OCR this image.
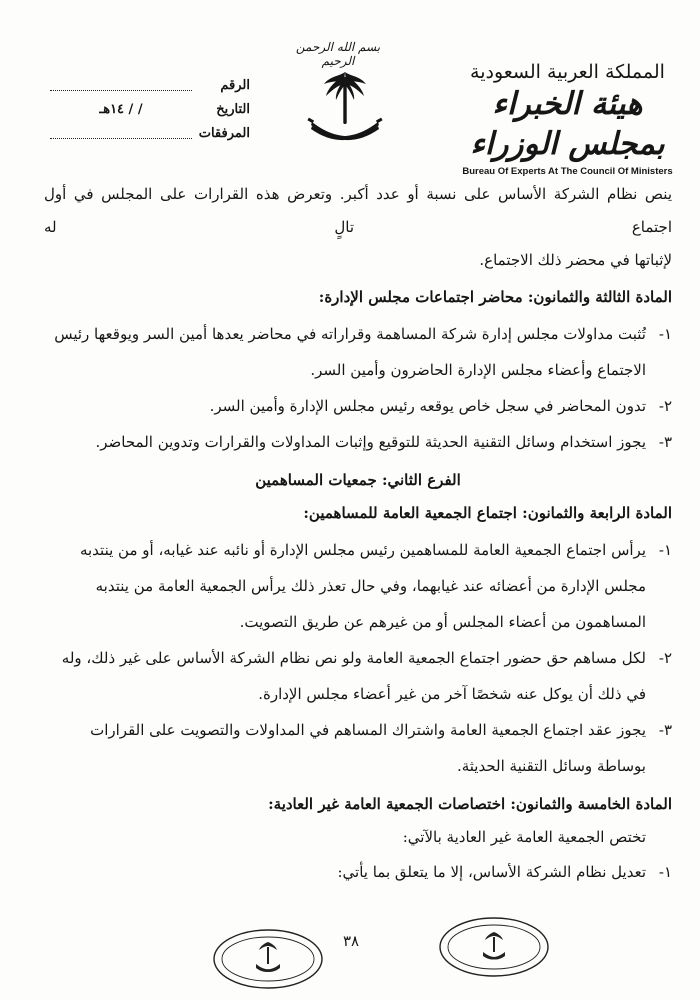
بسم الله الرحمن الرحيم	المملكة العربية السعودية
هيئة الخبراء بمجلس الوزراء
Bureau Of Experts At The Council Of Ministers
الرقم
التاريخ
/ / ١٤هـ
المرفقات

ينص نظام الشركة الأساس على نسبة أو عدد أكبر. وتعرض هذه القرارات على المجلس في أول اجتماع تالٍ له

لإثباتها في محضر ذلك الاجتماع.

المادة الثالثة والثمانون: محاضر اجتماعات مجلس الإدارة:

١-
تُثبت مداولات مجلس إدارة شركة المساهمة وقراراته في محاضر يعدها أمين السر ويوقعها رئيس الاجتماع وأعضاء مجلس الإدارة الحاضرون وأمين السر.
٢-
تدون المحاضر في سجل خاص يوقعه رئيس مجلس الإدارة وأمين السر.
٣-
يجوز استخدام وسائل التقنية الحديثة للتوقيع وإثبات المداولات والقرارات وتدوين المحاضر.

الفرع الثاني: جمعيات المساهمين

المادة الرابعة والثمانون: اجتماع الجمعية العامة للمساهمين:

١-
يرأس اجتماع الجمعية العامة للمساهمين رئيس مجلس الإدارة أو نائبه عند غيابه، أو من ينتدبه مجلس الإدارة من أعضائه عند غيابهما، وفي حال تعذر ذلك يرأس الجمعية العامة من ينتدبه المساهمون من أعضاء المجلس أو من غيرهم عن طريق التصويت.
٢-
لكل مساهم حق حضور اجتماع الجمعية العامة ولو نص نظام الشركة الأساس على غير ذلك، وله في ذلك أن يوكل عنه شخصًا آخر من غير أعضاء مجلس الإدارة.
٣-
يجوز عقد اجتماع الجمعية العامة واشتراك المساهم في المداولات والتصويت على القرارات بوساطة وسائل التقنية الحديثة.

المادة الخامسة والثمانون: اختصاصات الجمعية العامة غير العادية:

تختص الجمعية العامة غير العادية بالآتي:

١-
تعديل نظام الشركة الأساس، إلا ما يتعلق بما يأتي:
٣٨
